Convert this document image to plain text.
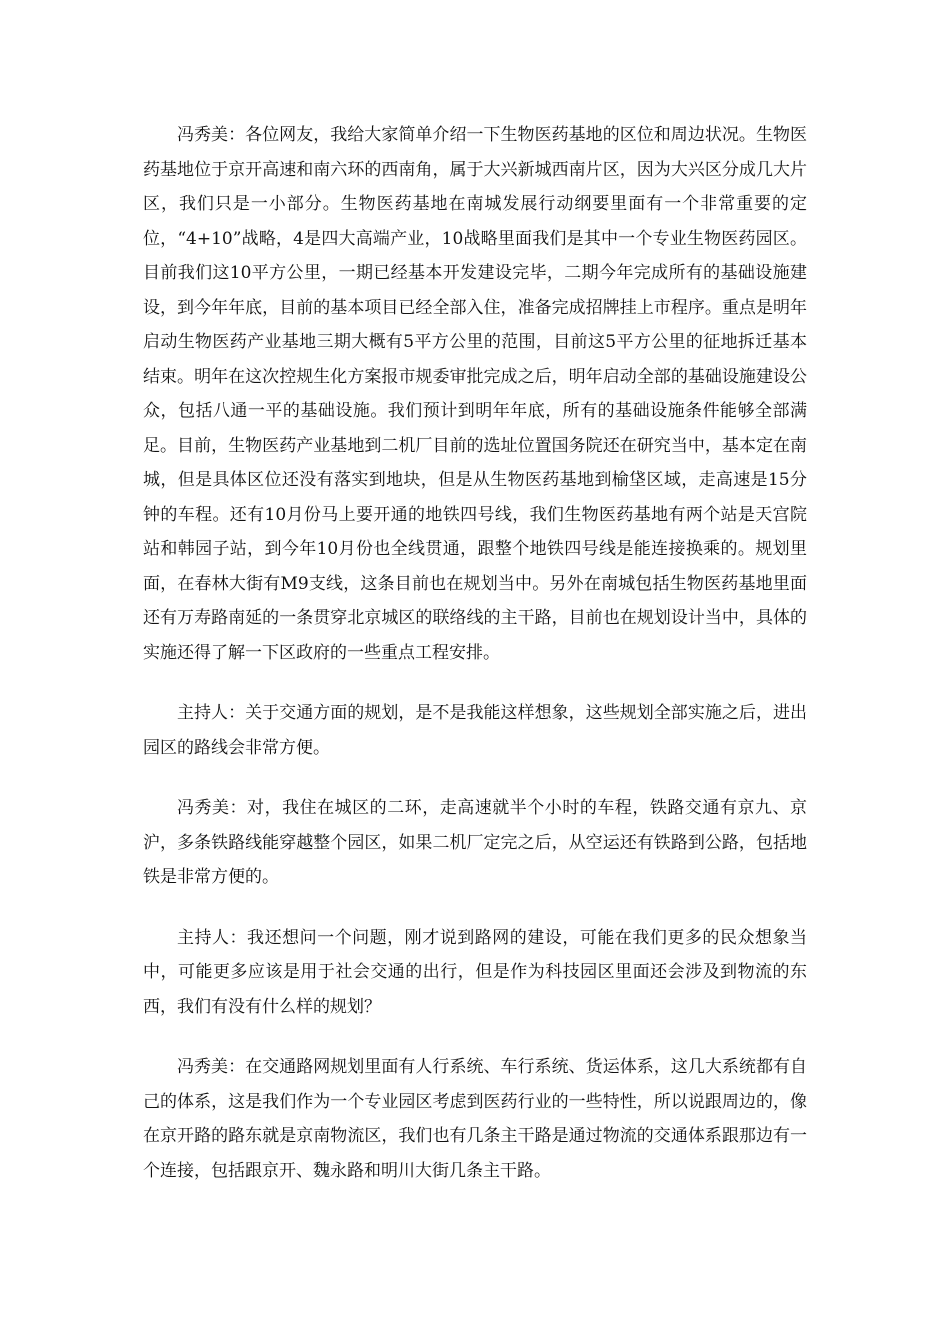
冯秀美：各位网友，我给大家简单介绍一下生物医药基地的区位和周边状况。生物医药基地位于京开高速和南六环的西南角，属于大兴新城西南片区，因为大兴区分成几大片区，我们只是一小部分。生物医药基地在南城发展行动纲要里面有一个非常重要的定位，“4+10”战略，4是四大高端产业，10战略里面我们是其中一个专业生物医药园区。目前我们这10平方公里，一期已经基本开发建设完毕，二期今年完成所有的基础设施建设，到今年年底，目前的基本项目已经全部入住，准备完成招牌挂上市程序。重点是明年启动生物医药产业基地三期大概有5平方公里的范围，目前这5平方公里的征地拆迁基本结束。明年在这次控规生化方案报市规委审批完成之后，明年启动全部的基础设施建设公众，包括八通一平的基础设施。我们预计到明年年底，所有的基础设施条件能够全部满足。目前，生物医药产业基地到二机厂目前的选址位置国务院还在研究当中，基本定在南城，但是具体区位还没有落实到地块，但是从生物医药基地到榆垡区域，走高速是15分钟的车程。还有10月份马上要开通的地铁四号线，我们生物医药基地有两个站是天宫院站和韩园子站，到今年10月份也全线贯通，跟整个地铁四号线是能连接换乘的。规划里面，在春林大街有M9支线，这条目前也在规划当中。另外在南城包括生物医药基地里面还有万寿路南延的一条贯穿北京城区的联络线的主干路，目前也在规划设计当中，具体的实施还得了解一下区政府的一些重点工程安排。

主持人：关于交通方面的规划，是不是我能这样想象，这些规划全部实施之后，进出园区的路线会非常方便。

冯秀美：对，我住在城区的二环，走高速就半个小时的车程，铁路交通有京九、京沪，多条铁路线能穿越整个园区，如果二机厂定完之后，从空运还有铁路到公路，包括地铁是非常方便的。

主持人：我还想问一个问题，刚才说到路网的建设，可能在我们更多的民众想象当中，可能更多应该是用于社会交通的出行，但是作为科技园区里面还会涉及到物流的东西，我们有没有什么样的规划？

冯秀美：在交通路网规划里面有人行系统、车行系统、货运体系，这几大系统都有自己的体系，这是我们作为一个专业园区考虑到医药行业的一些特性，所以说跟周边的，像在京开路的路东就是京南物流区，我们也有几条主干路是通过物流的交通体系跟那边有一个连接，包括跟京开、魏永路和明川大街几条主干路。
